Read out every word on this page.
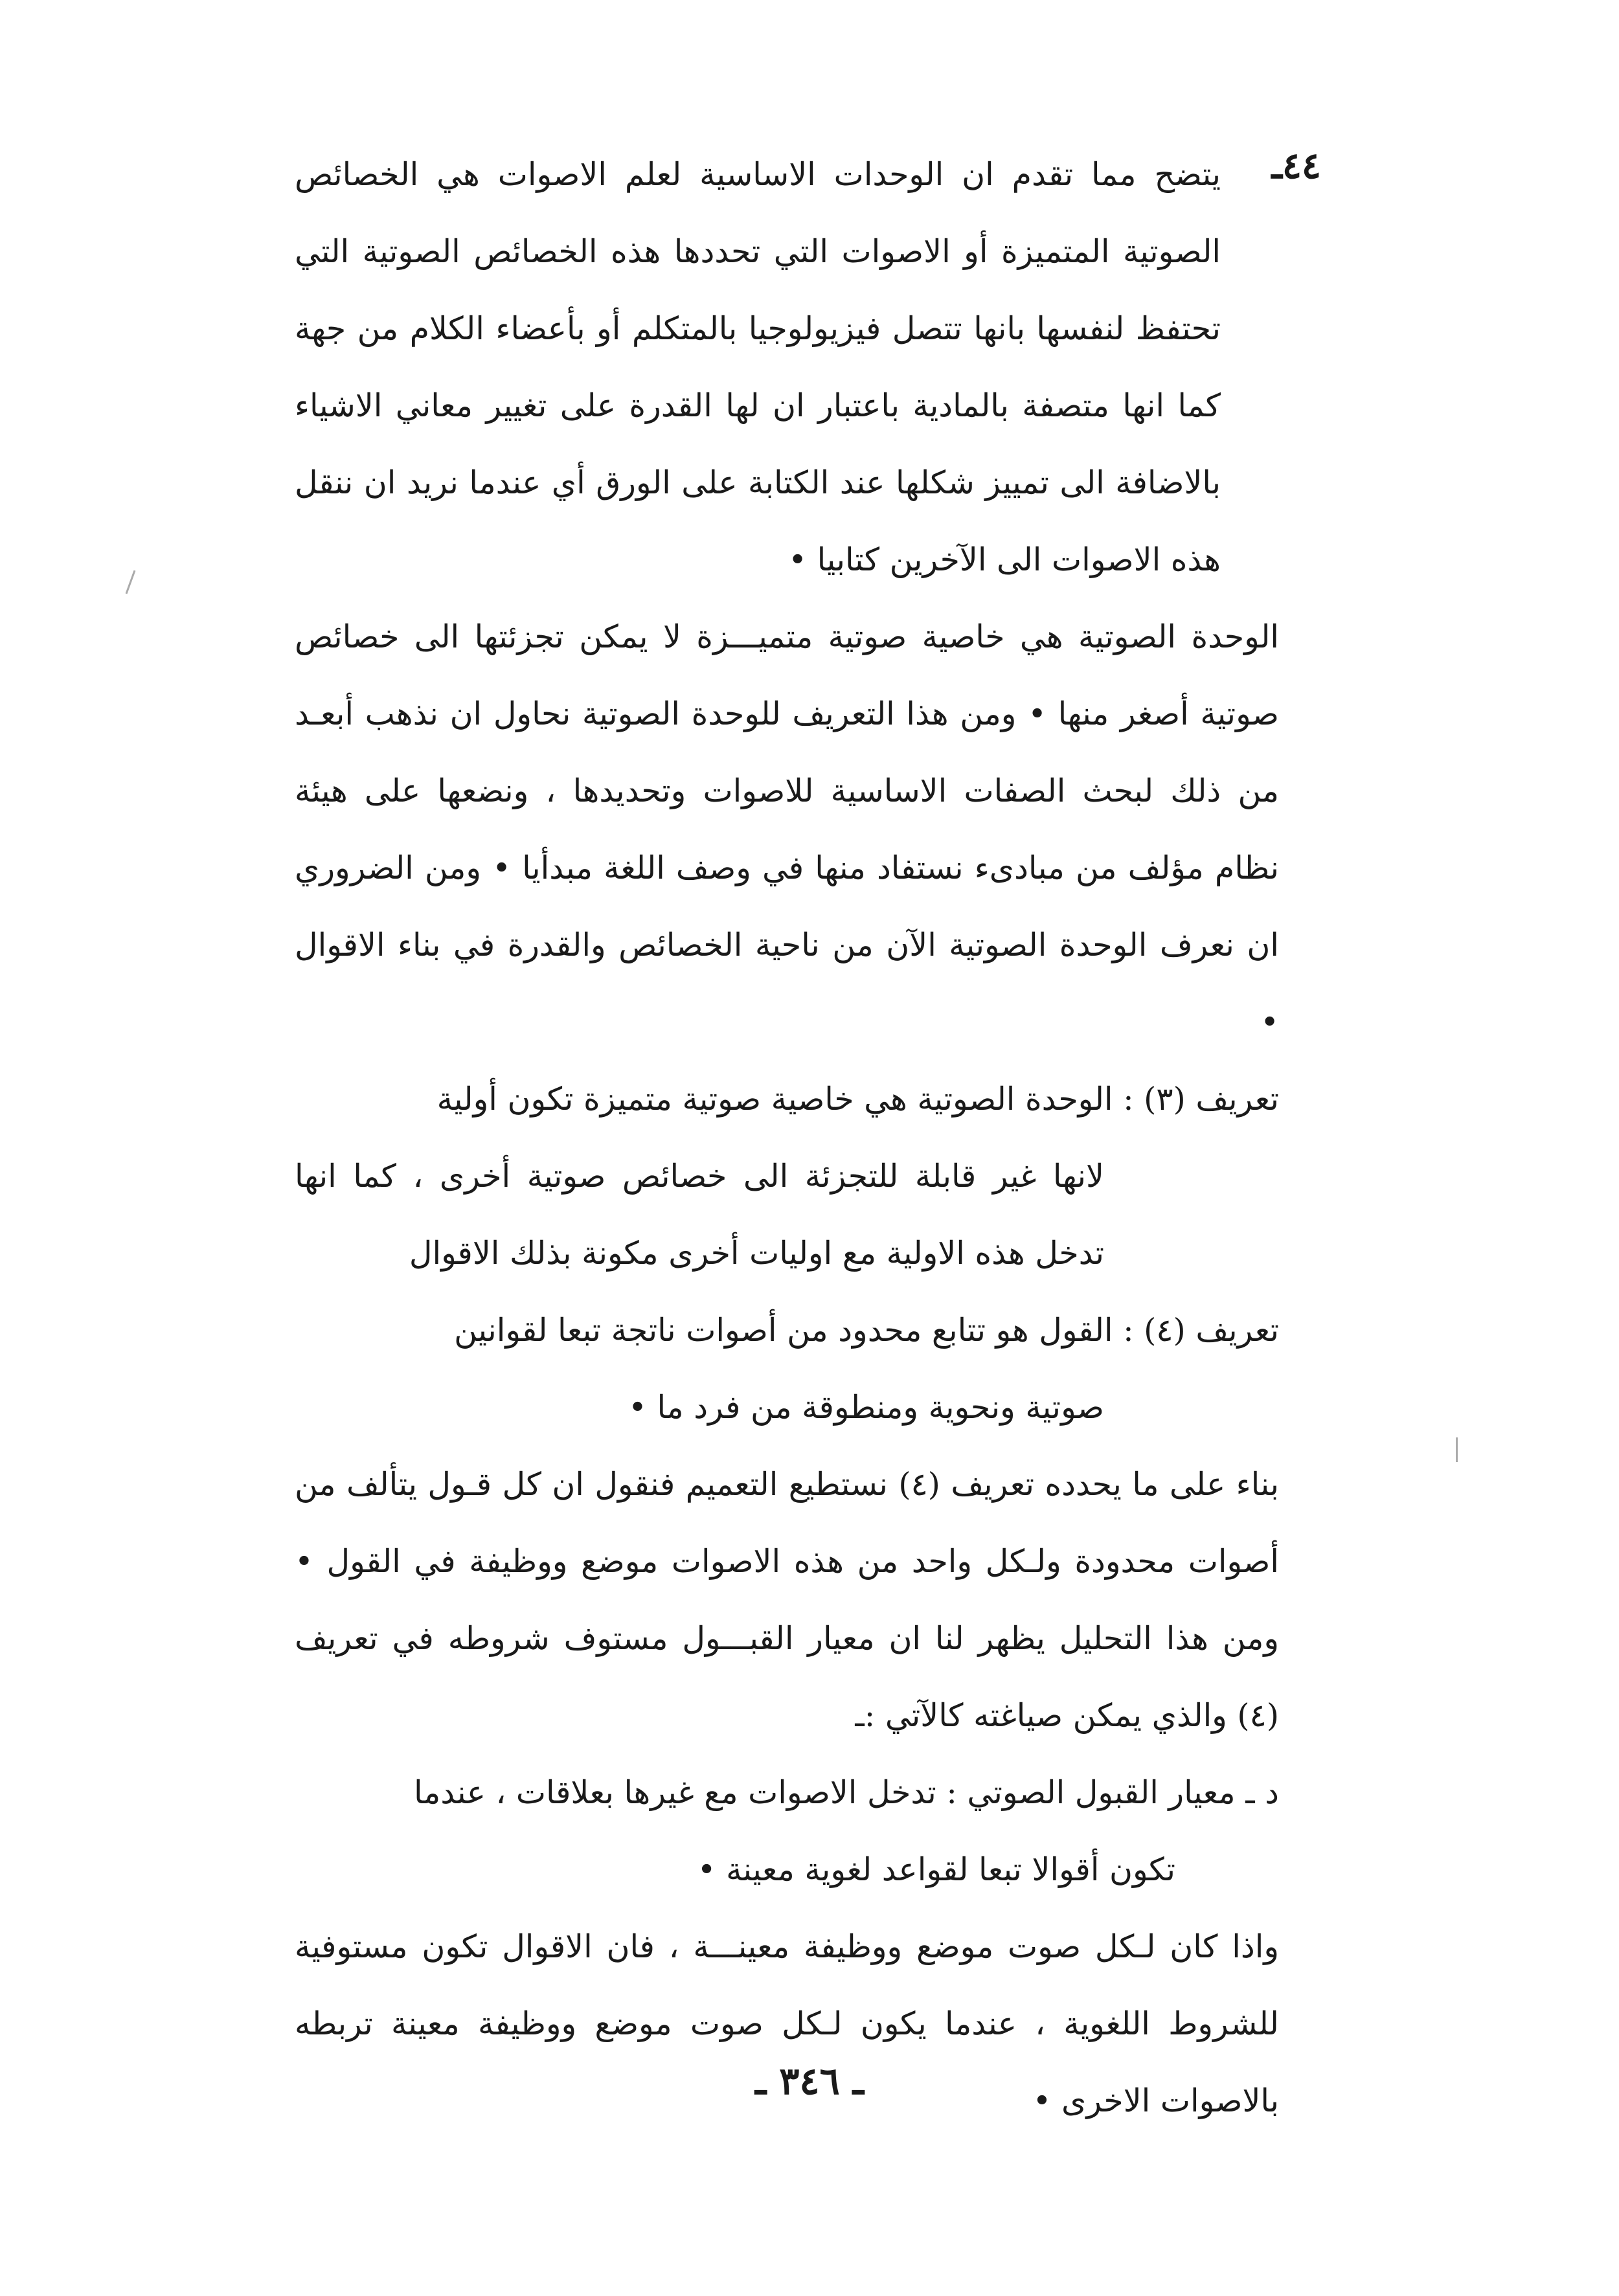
٤٤ـ

يتضح مما تقدم ان الوحدات الاساسية لعلم الاصوات هي الخصائص الصوتية المتميزة أو الاصوات التي تحددها هذه الخصائص الصوتية التي تحتفظ لنفسها بانها تتصل فيزيولوجيا بالمتكلم أو بأعضاء الكلام من جهة كما انها متصفة بالمادية باعتبار ان لها القدرة على تغيير معاني الاشياء بالاضافة الى تمييز شكلها عند الكتابة على الورق أي عندما نريد ان ننقل هذه الاصوات الى الآخرين كتابيا •

الوحدة الصوتية هي خاصية صوتية متميـــزة لا يمكن تجزئتها الى خصائص صوتية أصغر منها • ومن هذا التعريف للوحدة الصوتية نحاول ان نذهب أبعـد من ذلك لبحث الصفات الاساسية للاصوات وتحديدها ، ونضعها على هيئة نظام مؤلف من مبادىء نستفاد منها في وصف اللغة مبدأيا • ومن الضروري ان نعرف الوحدة الصوتية الآن من ناحية الخصائص والقدرة في بناء الاقوال •

تعريف (٣) : الوحدة الصوتية هي خاصية صوتية متميزة تكون أولية
لانها غير قابلة للتجزئة الى خصائص صوتية أخرى ، كما انها تدخل هذه الاولية مع اوليات أخرى مكونة بذلك الاقوال
تعريف (٤) : القول هو تتابع محدود من أصوات ناتجة تبعا لقوانين
صوتية ونحوية ومنطوقة من فرد ما •

بناء على ما يحدده تعريف (٤) نستطيع التعميم فنقول ان كل قـول يتألف من أصوات محدودة ولـكل واحد من هذه الاصوات موضع ووظيفة في القول • ومن هذا التحليل يظهر لنا ان معيار القبـــول مستوف شروطه في تعريف (٤) والذي يمكن صياغته كالآتي :ـ

د ـ معيار القبول الصوتي : تدخل الاصوات مع غيرها بعلاقات ، عندما
تكون أقوالا تبعا لقواعد لغوية معينة •

واذا كان لـكل صوت موضع ووظيفة معينـــة ، فان الاقوال تكون مستوفية للشروط اللغوية ، عندما يكون لـكل صوت موضع ووظيفة معينة تربطه بالاصوات الاخرى •

ـ ٣٤٦ ـ
